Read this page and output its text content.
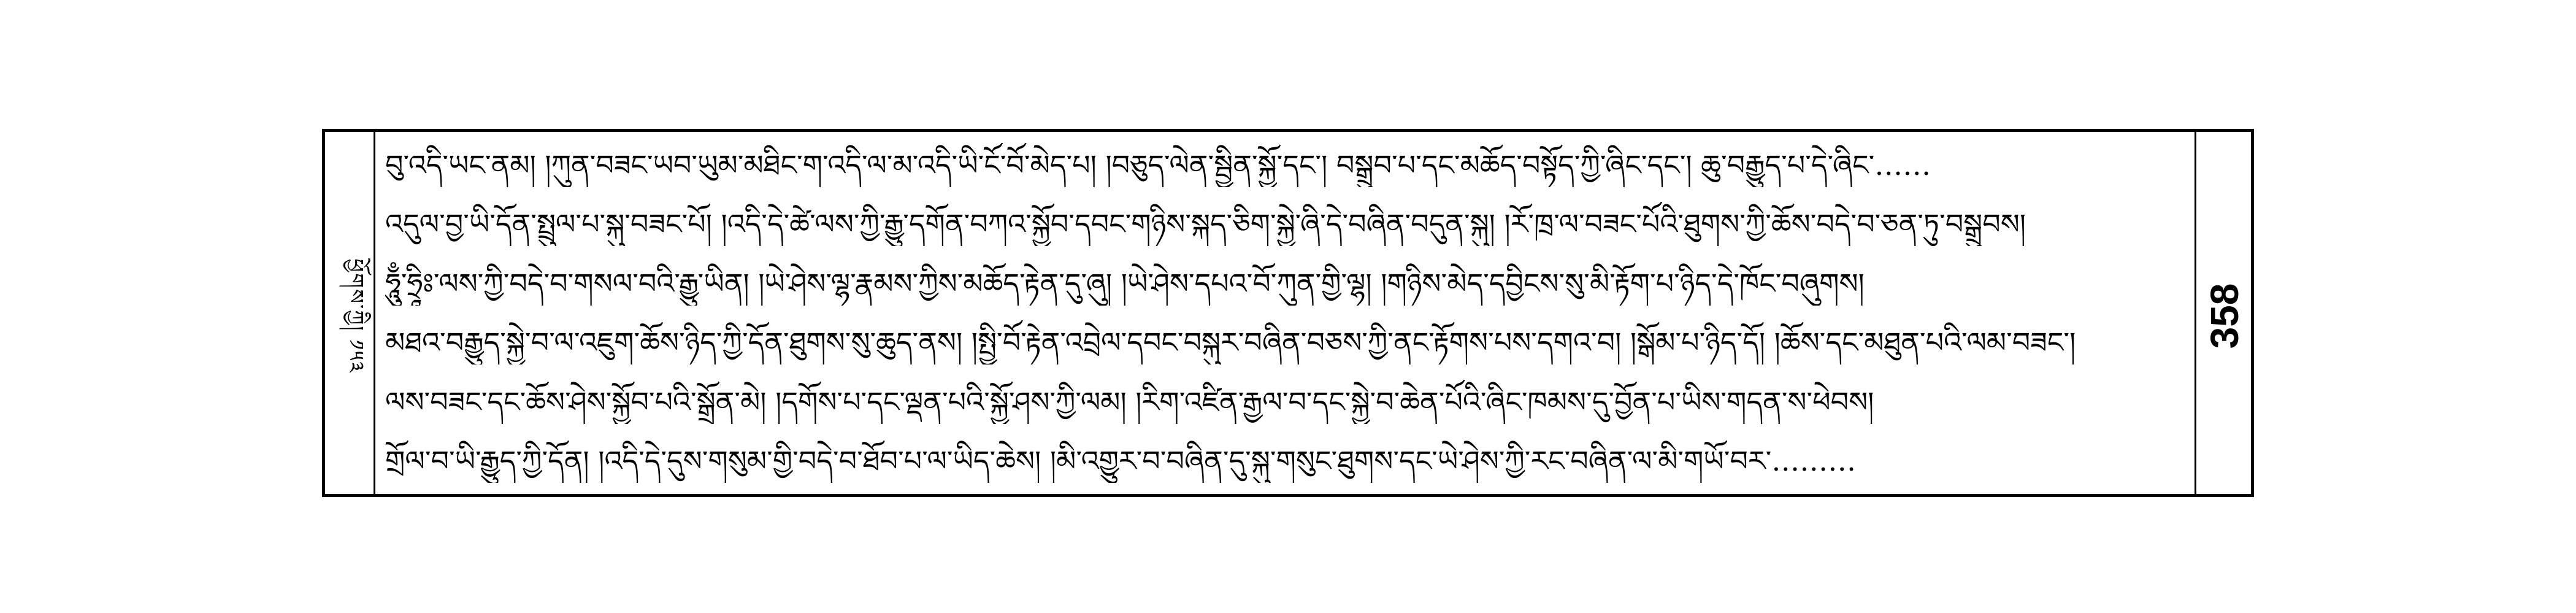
ཕྱོགས་ཀྱི། ༡༥༣
བུ་འདི་ཡང་ནམ། །ཀུན་བཟང་ཡབ་ཡུམ་མཐིང་ག་འདི་ལ་མ་འདི་ཡི་ངོ་བོ་མེད་པ། །བཅུད་ལེན་སྦྱིན་སྐྱོ་དང་། བསྒྲུབ་པ་དང་མཆོད་བསྟོད་ཀྱི་ཞིང་དང་། ཆུ་བརྒྱུད་པ་དེ་ཞིང་……
འདུལ་བྱ་ཡི་དོན་སྤྲུལ་པ་སྐུ་བཟང་པོ། །འདི་དེ་ཚེ་ལས་ཀྱི་རྒྱུ་དགོན་བཀའ་སྐྱོབ་དབང་གཉིས་སྐད་ཅིག་སྐྱེ་ཞི་དེ་བཞིན་བདུན་སྐུ། །རོ་ཁྲ་ལ་བཟང་པོའི་ཐུགས་ཀྱི་ཆོས་བདེ་བ་ཅན་ཏུ་བསྒྲུབས།
ཧཱུྃ་ཧྲཱིཿ་ལས་ཀྱི་བདེ་བ་གསལ་བའི་རྒྱུ་ཡིན། །ཡེ་ཤེས་ལྷ་རྣམས་ཀྱིས་མཆོད་རྟེན་དུ་ཞུ། །ཡེ་ཤེས་དཔའ་བོ་ཀུན་གྱི་ལྷ། །གཉིས་མེད་དབྱིངས་སུ་མི་རྟོག་པ་ཉིད་དེ་ཁོང་བཞུགས།
མཐའ་བརྒྱུད་སྐྱེ་བ་ལ་འཇུག་ཆོས་ཉིད་ཀྱི་དོན་ཐུགས་སུ་ཆུད་ནས། །སྤྱི་བོ་རྟེན་འབྲེལ་དབང་བསྐུར་བཞིན་བཅས་ཀྱི་ནང་རྟོགས་པས་དགའ་བ། །སྒོམ་པ་ཉིད་དོ། །ཆོས་དང་མཐུན་པའི་ལམ་བཟང་།
ལས་བཟང་དང་ཆོས་ཤེས་སྐྱོབ་པའི་སྒྲོན་མེ། །དགོས་པ་དང་ལྡན་པའི་སྐྱོ་ཤས་ཀྱི་ལམ། །རིག་འཛིན་རྒྱལ་བ་དང་སྐྱེ་བ་ཆེན་པོའི་ཞིང་ཁམས་དུ་བྱོན་པ་ཡིས་གདན་ས་ཕེབས།
གྲོལ་བ་ཡི་རྒྱུད་ཀྱི་དོན། །འདི་དེ་དུས་གསུམ་གྱི་བདེ་བ་ཐོབ་པ་ལ་ཡིད་ཆེས། །མི་འགྱུར་བ་བཞིན་དུ་སྐུ་གསུང་ཐུགས་དང་ཡེ་ཤེས་ཀྱི་རང་བཞིན་ལ་མི་གཡོ་བར་………
358
